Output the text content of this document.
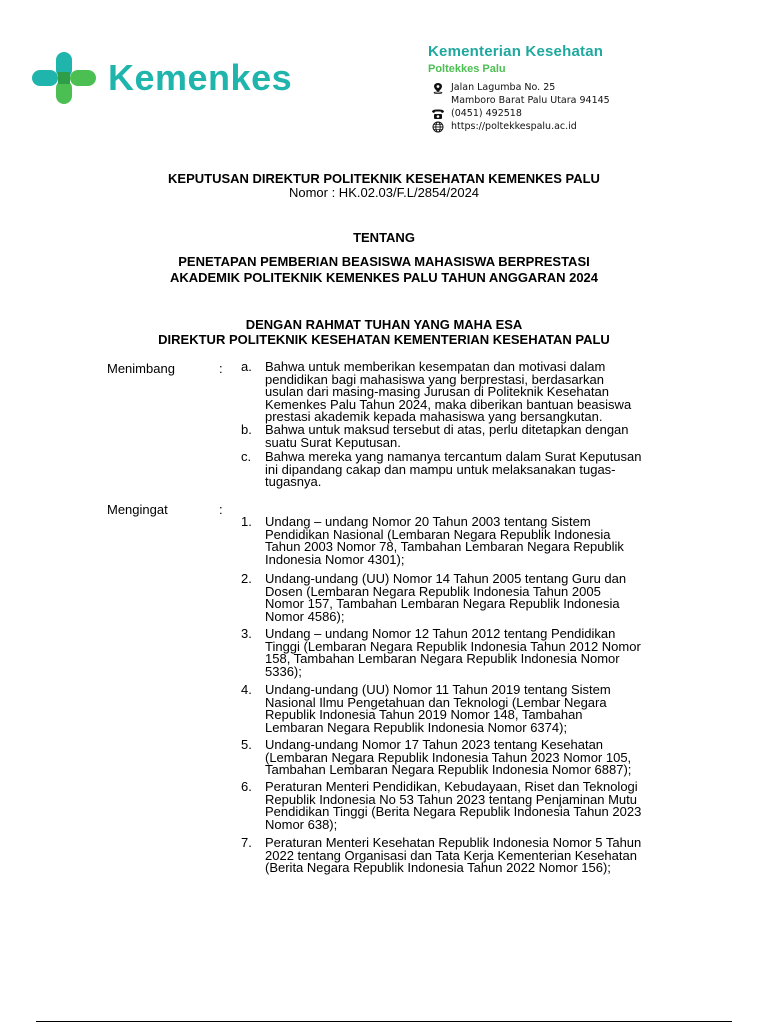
Kemenkes
Kementerian Kesehatan
Poltekkes Palu
Jalan Lagumba No. 25
Mamboro Barat Palu Utara 94145
(0451) 492518
https://poltekkespalu.ac.id
KEPUTUSAN DIREKTUR POLITEKNIK KESEHATAN KEMENKES PALU
Nomor : HK.02.03/F.L/2854/2024
TENTANG
PENETAPAN PEMBERIAN BEASISWA MAHASISWA BERPRESTASI
AKADEMIK POLITEKNIK KEMENKES PALU TAHUN ANGGARAN 2024
DENGAN RAHMAT TUHAN YANG MAHA ESA
DIREKTUR POLITEKNIK KESEHATAN KEMENTERIAN KESEHATAN PALU
Menimbang	: a. Bahwa untuk memberikan kesempatan dan motivasi dalam
pendidikan bagi mahasiswa yang berprestasi, berdasarkan
usulan dari masing-masing Jurusan di Politeknik Kesehatan
Kemenkes Palu Tahun 2024, maka diberikan bantuan beasiswa
prestasi akademik kepada mahasiswa yang bersangkutan.
b. Bahwa untuk maksud tersebut di atas, perlu ditetapkan dengan
suatu Surat Keputusan.
c. Bahwa mereka yang namanya tercantum dalam Surat Keputusan
ini dipandang cakap dan mampu untuk melaksanakan tugas-
tugasnya.
Mengingat	:
1. Undang – undang Nomor 20 Tahun 2003 tentang Sistem
Pendidikan Nasional (Lembaran Negara Republik Indonesia
Tahun 2003 Nomor 78, Tambahan Lembaran Negara Republik
Indonesia Nomor 4301);
2. Undang-undang (UU) Nomor 14 Tahun 2005 tentang Guru dan
Dosen (Lembaran Negara Republik Indonesia Tahun 2005
Nomor 157, Tambahan Lembaran Negara Republik Indonesia
Nomor 4586);
3. Undang – undang Nomor 12 Tahun 2012 tentang Pendidikan
Tinggi (Lembaran Negara Republik Indonesia Tahun 2012 Nomor
158, Tambahan Lembaran Negara Republik Indonesia Nomor
5336);
4. Undang-undang (UU) Nomor 11 Tahun 2019 tentang Sistem
Nasional Ilmu Pengetahuan dan Teknologi (Lembar Negara
Republik Indonesia Tahun 2019 Nomor 148, Tambahan
Lembaran Negara Republik Indonesia Nomor 6374);
5. Undang-undang Nomor 17 Tahun 2023 tentang Kesehatan
(Lembaran Negara Republik Indonesia Tahun 2023 Nomor 105,
Tambahan Lembaran Negara Republik Indonesia Nomor 6887);
6. Peraturan Menteri Pendidikan, Kebudayaan, Riset dan Teknologi
Republik Indonesia No 53 Tahun 2023 tentang Penjaminan Mutu
Pendidikan Tinggi (Berita Negara Republik Indonesia Tahun 2023
Nomor 638);
7. Peraturan Menteri Kesehatan Republik Indonesia Nomor 5 Tahun
2022 tentang Organisasi dan Tata Kerja Kementerian Kesehatan
(Berita Negara Republik Indonesia Tahun 2022 Nomor 156);
